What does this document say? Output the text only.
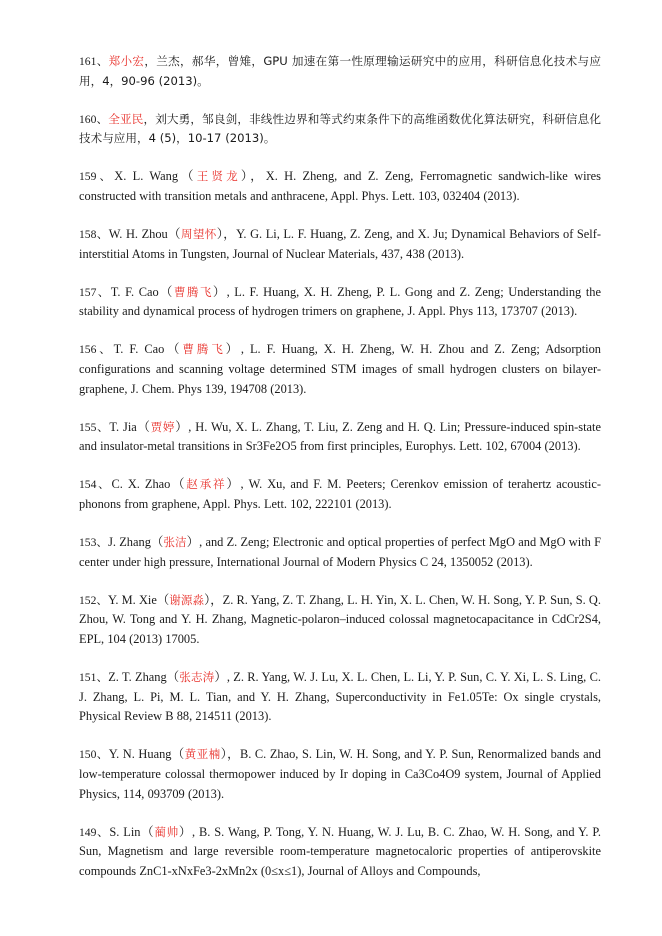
161、郑小宏，兰杰，郝华，曾雉，GPU 加速在第一性原理输运研究中的应用，科研信息化技术与应用，4，90-96 (2013)。

160、全亚民，刘大勇，邹良剑，非线性边界和等式约束条件下的高维函数优化算法研究，科研信息化技术与应用，4 (5)，10-17 (2013)。

159、X. L. Wang（王贤龙），X. H. Zheng, and Z. Zeng, Ferromagnetic sandwich-like wires constructed with transition metals and anthracene, Appl. Phys. Lett. 103, 032404 (2013).

158、W. H. Zhou（周望怀），Y. G. Li, L. F. Huang, Z. Zeng, and X. Ju; Dynamical Behaviors of Self-interstitial Atoms in Tungsten, Journal of Nuclear Materials, 437, 438 (2013).

157、T. F. Cao（曹腾飞）, L. F. Huang, X. H. Zheng, P. L. Gong and Z. Zeng; Understanding the stability and dynamical process of hydrogen trimers on graphene, J. Appl. Phys 113, 173707 (2013).

156、T. F. Cao（曹腾飞）, L. F. Huang, X. H. Zheng, W. H. Zhou and Z. Zeng; Adsorption configurations and scanning voltage determined STM images of small hydrogen clusters on bilayer-graphene, J. Chem. Phys 139, 194708 (2013).

155、T. Jia（贾婷）, H. Wu, X. L. Zhang, T. Liu, Z. Zeng and H. Q. Lin; Pressure-induced spin-state and insulator-metal transitions in Sr3Fe2O5 from first principles, Europhys. Lett. 102, 67004 (2013).

154、C. X. Zhao（赵承祥）, W. Xu, and F. M. Peeters; Cerenkov emission of terahertz acoustic-phonons from graphene, Appl. Phys. Lett. 102, 222101 (2013).

153、J. Zhang（张洁）, and Z. Zeng; Electronic and optical properties of perfect MgO and MgO with F center under high pressure, International Journal of Modern Physics C 24, 1350052 (2013).

152、Y. M. Xie（谢源淼），Z. R. Yang, Z. T. Zhang, L. H. Yin, X. L. Chen, W. H. Song, Y. P. Sun, S. Q. Zhou, W. Tong and Y. H. Zhang, Magnetic-polaron–induced colossal magnetocapacitance in CdCr2S4, EPL, 104 (2013) 17005.

151、Z. T. Zhang（张志涛）, Z. R. Yang, W. J. Lu, X. L. Chen, L. Li, Y. P. Sun, C. Y. Xi, L. S. Ling, C. J. Zhang, L. Pi, M. L. Tian, and Y. H. Zhang, Superconductivity in Fe1.05Te: Ox single crystals, Physical Review B 88, 214511 (2013).

150、Y. N. Huang（黄亚楠），B. C. Zhao, S. Lin, W. H. Song, and Y. P. Sun, Renormalized bands and low-temperature colossal thermopower induced by Ir doping in Ca3Co4O9 system, Journal of Applied Physics, 114, 093709 (2013).

149、S. Lin（蔺帅）, B. S. Wang, P. Tong, Y. N. Huang, W. J. Lu, B. C. Zhao, W. H. Song, and Y. P. Sun, Magnetism and large reversible room-temperature magnetocaloric properties of antiperovskite compounds ZnC1-xNxFe3-2xMn2x (0≤x≤1), Journal of Alloys and Compounds,
